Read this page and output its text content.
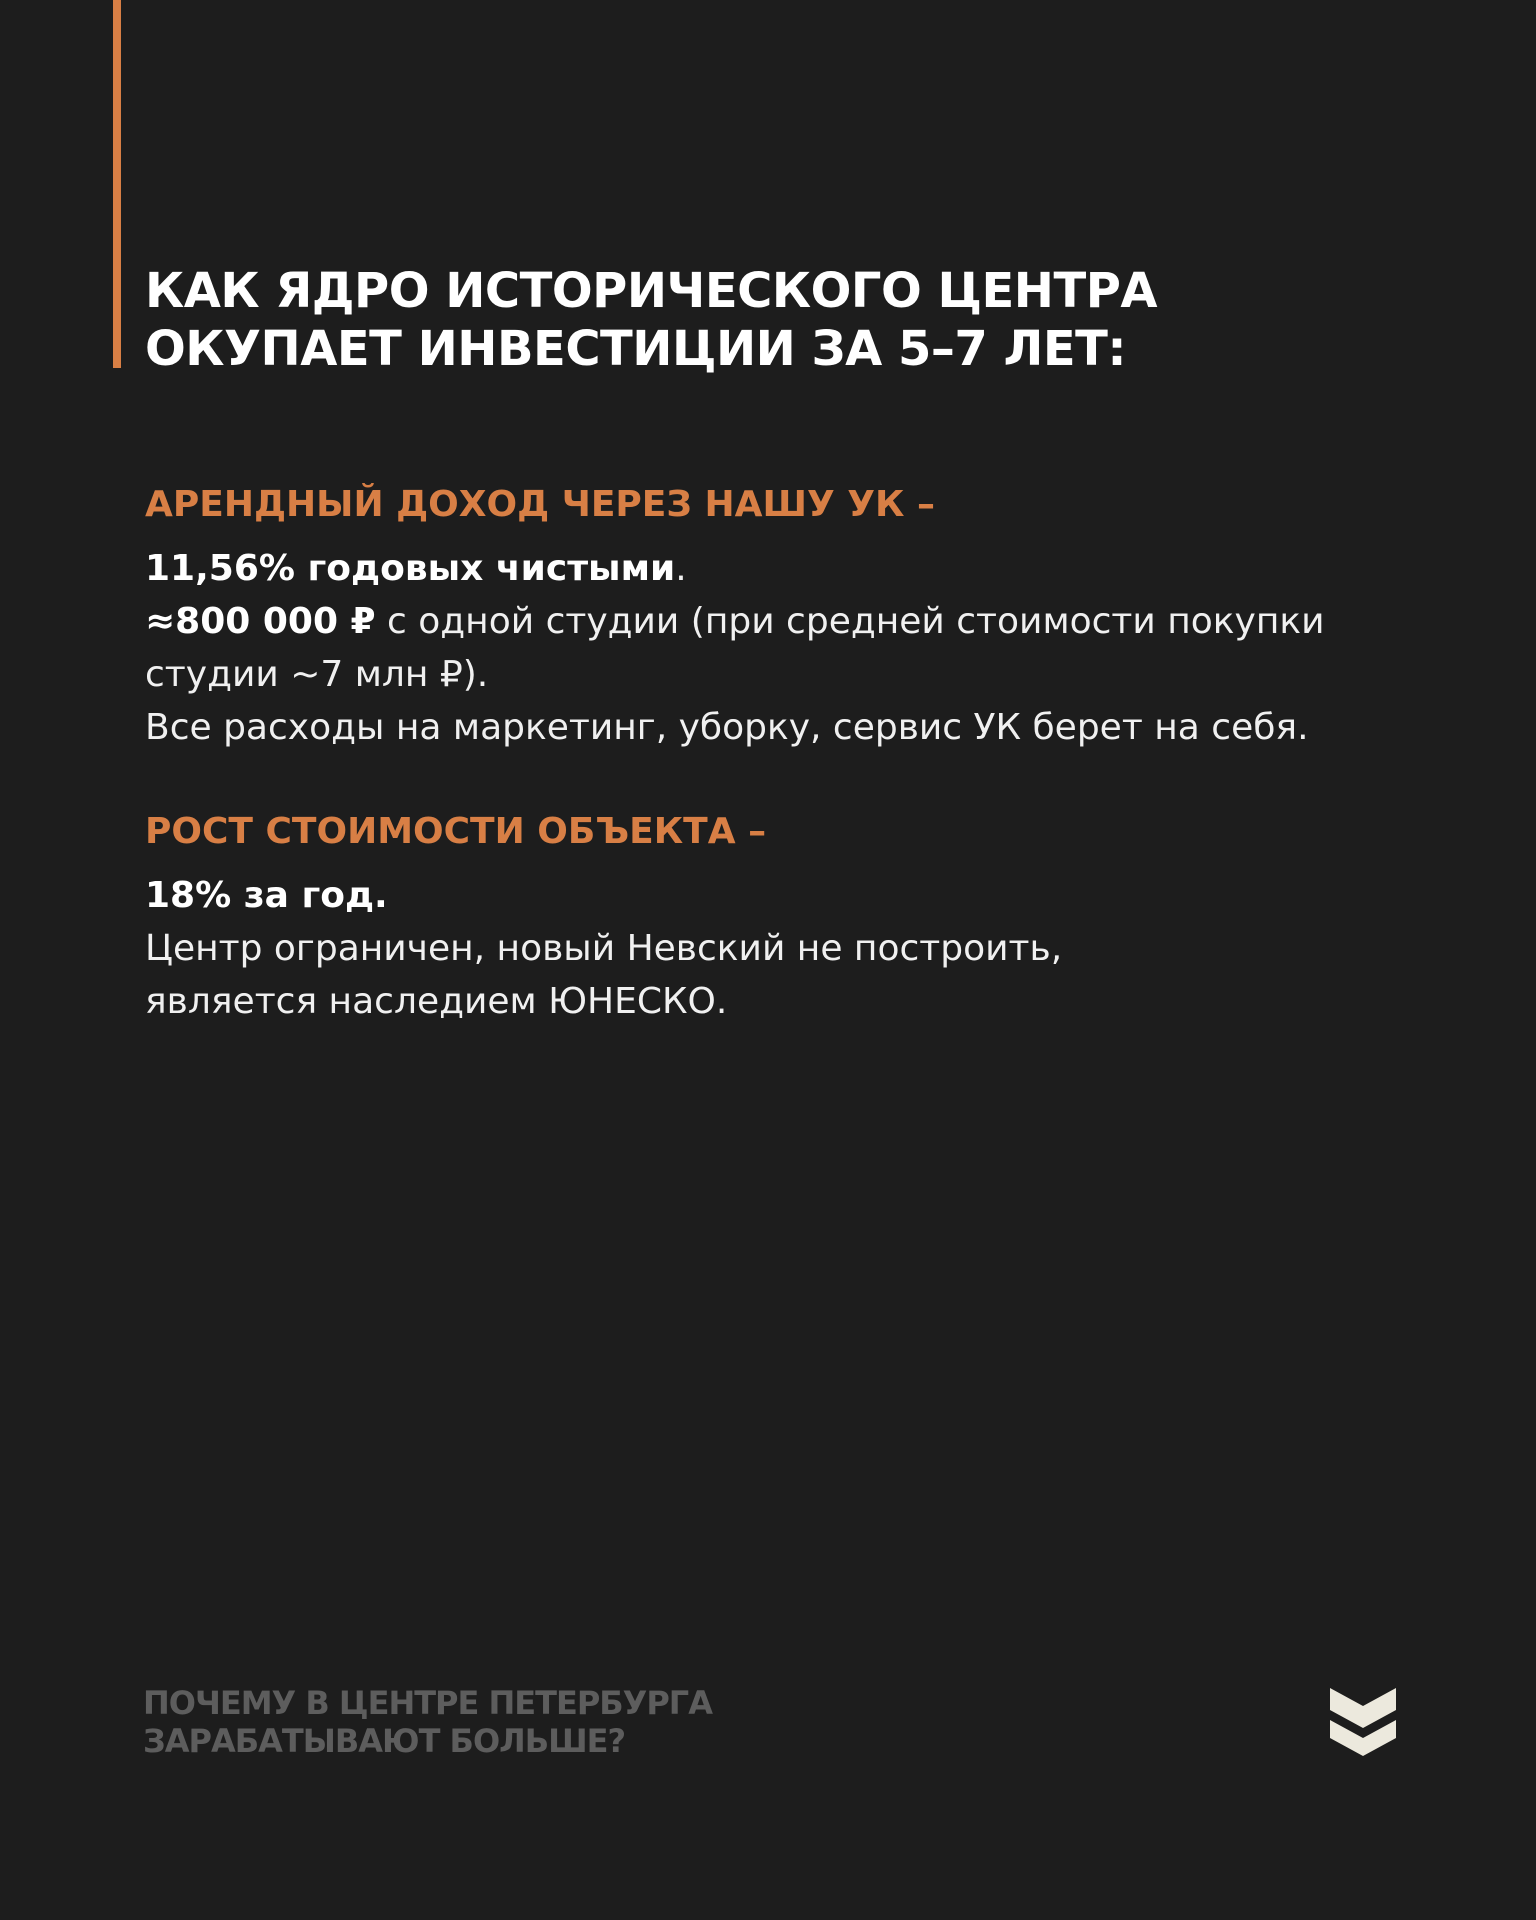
КАК ЯДРО ИСТОРИЧЕСКОГО ЦЕНТРА
ОКУПАЕТ ИНВЕСТИЦИИ ЗА 5–7 ЛЕТ:
АРЕНДНЫЙ ДОХОД ЧЕРЕЗ НАШУ УК –

11,56% годовых чистыми.

≈800 000 ₽ с одной студии (при средней стоимости покупки

студии ~7 млн ₽).

Все расходы на маркетинг, уборку, сервис УК берет на себя.

РОСТ СТОИМОСТИ ОБЪЕКТА –

18% за год.

Центр ограничен, новый Невский не построить,

является наследием ЮНЕСКО.

ПОЧЕМУ В ЦЕНТРЕ ПЕТЕРБУРГА
ЗАРАБАТЫВАЮТ БОЛЬШЕ?
